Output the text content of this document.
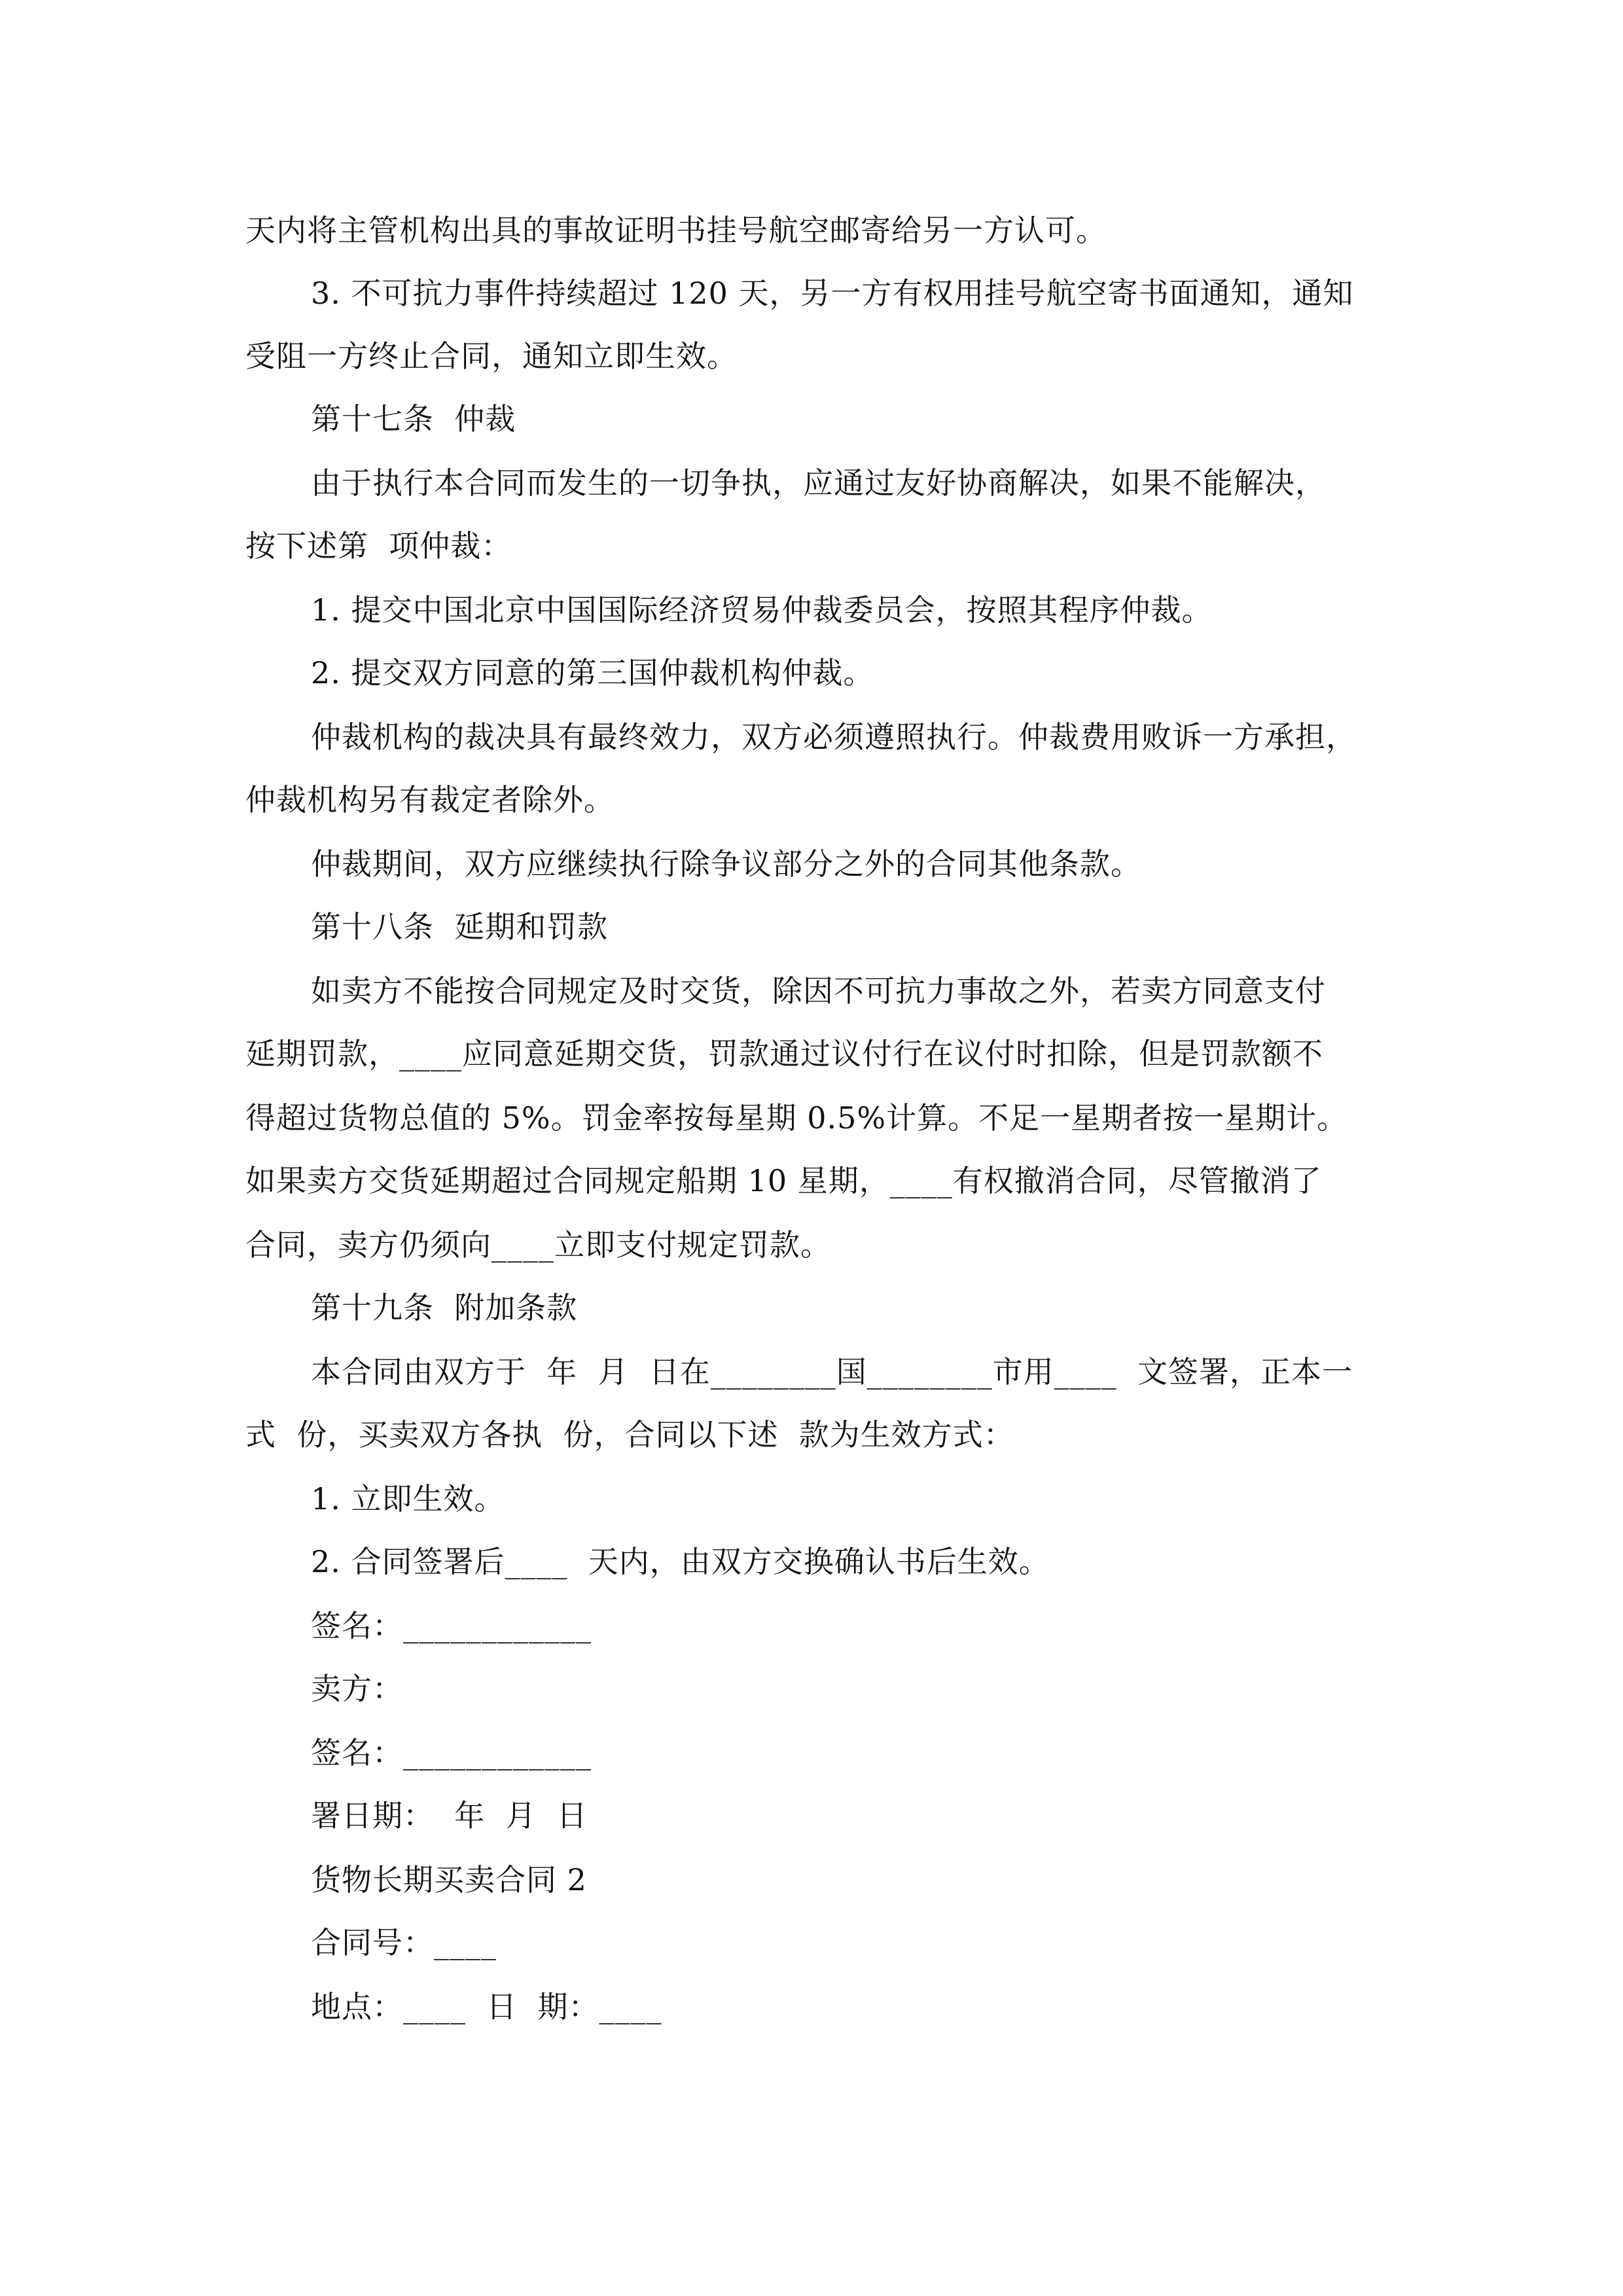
天内将主管机构出具的事故证明书挂号航空邮寄给另一方认可。
3. 不可抗力事件持续超过 120 天，另一方有权用挂号航空寄书面通知，通知
受阻一方终止合同，通知立即生效。
第十七条  仲裁
由于执行本合同而发生的一切争执，应通过友好协商解决，如果不能解决，
按下述第  项仲裁：
1. 提交中国北京中国国际经济贸易仲裁委员会，按照其程序仲裁。
2. 提交双方同意的第三国仲裁机构仲裁。
仲裁机构的裁决具有最终效力，双方必须遵照执行。仲裁费用败诉一方承担，
仲裁机构另有裁定者除外。
仲裁期间，双方应继续执行除争议部分之外的合同其他条款。
第十八条  延期和罚款
如卖方不能按合同规定及时交货，除因不可抗力事故之外，若卖方同意支付
延期罚款，____应同意延期交货，罚款通过议付行在议付时扣除，但是罚款额不
得超过货物总值的 5%。罚金率按每星期 0.5%计算。不足一星期者按一星期计。
如果卖方交货延期超过合同规定船期 10 星期，____有权撤消合同，尽管撤消了
合同，卖方仍须向____立即支付规定罚款。
第十九条  附加条款
本合同由双方于  年  月  日在________国________市用____  文签署，正本一
式  份，买卖双方各执  份，合同以下述  款为生效方式：
1. 立即生效。
2. 合同签署后____  天内，由双方交换确认书后生效。
签名：____________
卖方：
签名：____________
署日期：  年  月  日
货物长期买卖合同 2
合同号：____
地点：____  日  期：____
